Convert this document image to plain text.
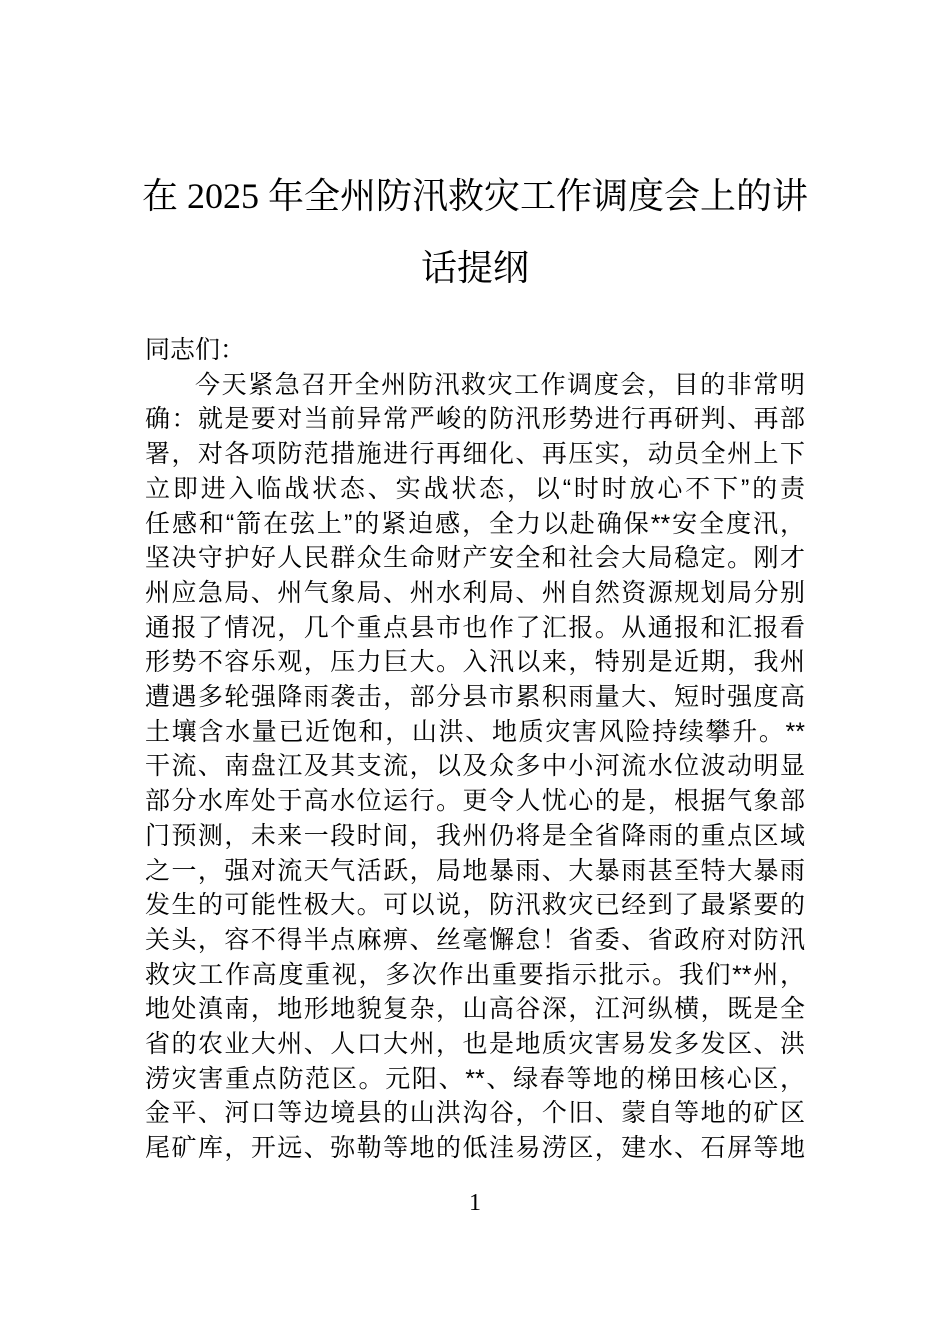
在 2025 年全州防汛救灾工作调度会上的讲
话提纲
同志们：
今天紧急召开全州防汛救灾工作调度会，目的非常明
确：就是要对当前异常严峻的防汛形势进行再研判、再部
署，对各项防范措施进行再细化、再压实，动员全州上下
立即进入临战状态、实战状态，以“时时放心不下”的责
任感和“箭在弦上”的紧迫感，全力以赴确保**安全度汛，
坚决守护好人民群众生命财产安全和社会大局稳定。刚才
州应急局、州气象局、州水利局、州自然资源规划局分别
通报了情况，几个重点县市也作了汇报。从通报和汇报看
形势不容乐观，压力巨大。入汛以来，特别是近期，我州
遭遇多轮强降雨袭击，部分县市累积雨量大、短时强度高
土壤含水量已近饱和，山洪、地质灾害风险持续攀升。**
干流、南盘江及其支流，以及众多中小河流水位波动明显
部分水库处于高水位运行。更令人忧心的是，根据气象部
门预测，未来一段时间，我州仍将是全省降雨的重点区域
之一，强对流天气活跃，局地暴雨、大暴雨甚至特大暴雨
发生的可能性极大。可以说，防汛救灾已经到了最紧要的
关头，容不得半点麻痹、丝毫懈怠！省委、省政府对防汛
救灾工作高度重视，多次作出重要指示批示。我们**州，
地处滇南，地形地貌复杂，山高谷深，江河纵横，既是全
省的农业大州、人口大州，也是地质灾害易发多发区、洪
涝灾害重点防范区。元阳、**、绿春等地的梯田核心区，
金平、河口等边境县的山洪沟谷，个旧、蒙自等地的矿区
尾矿库，开远、弥勒等地的低洼易涝区，建水、石屏等地
1
